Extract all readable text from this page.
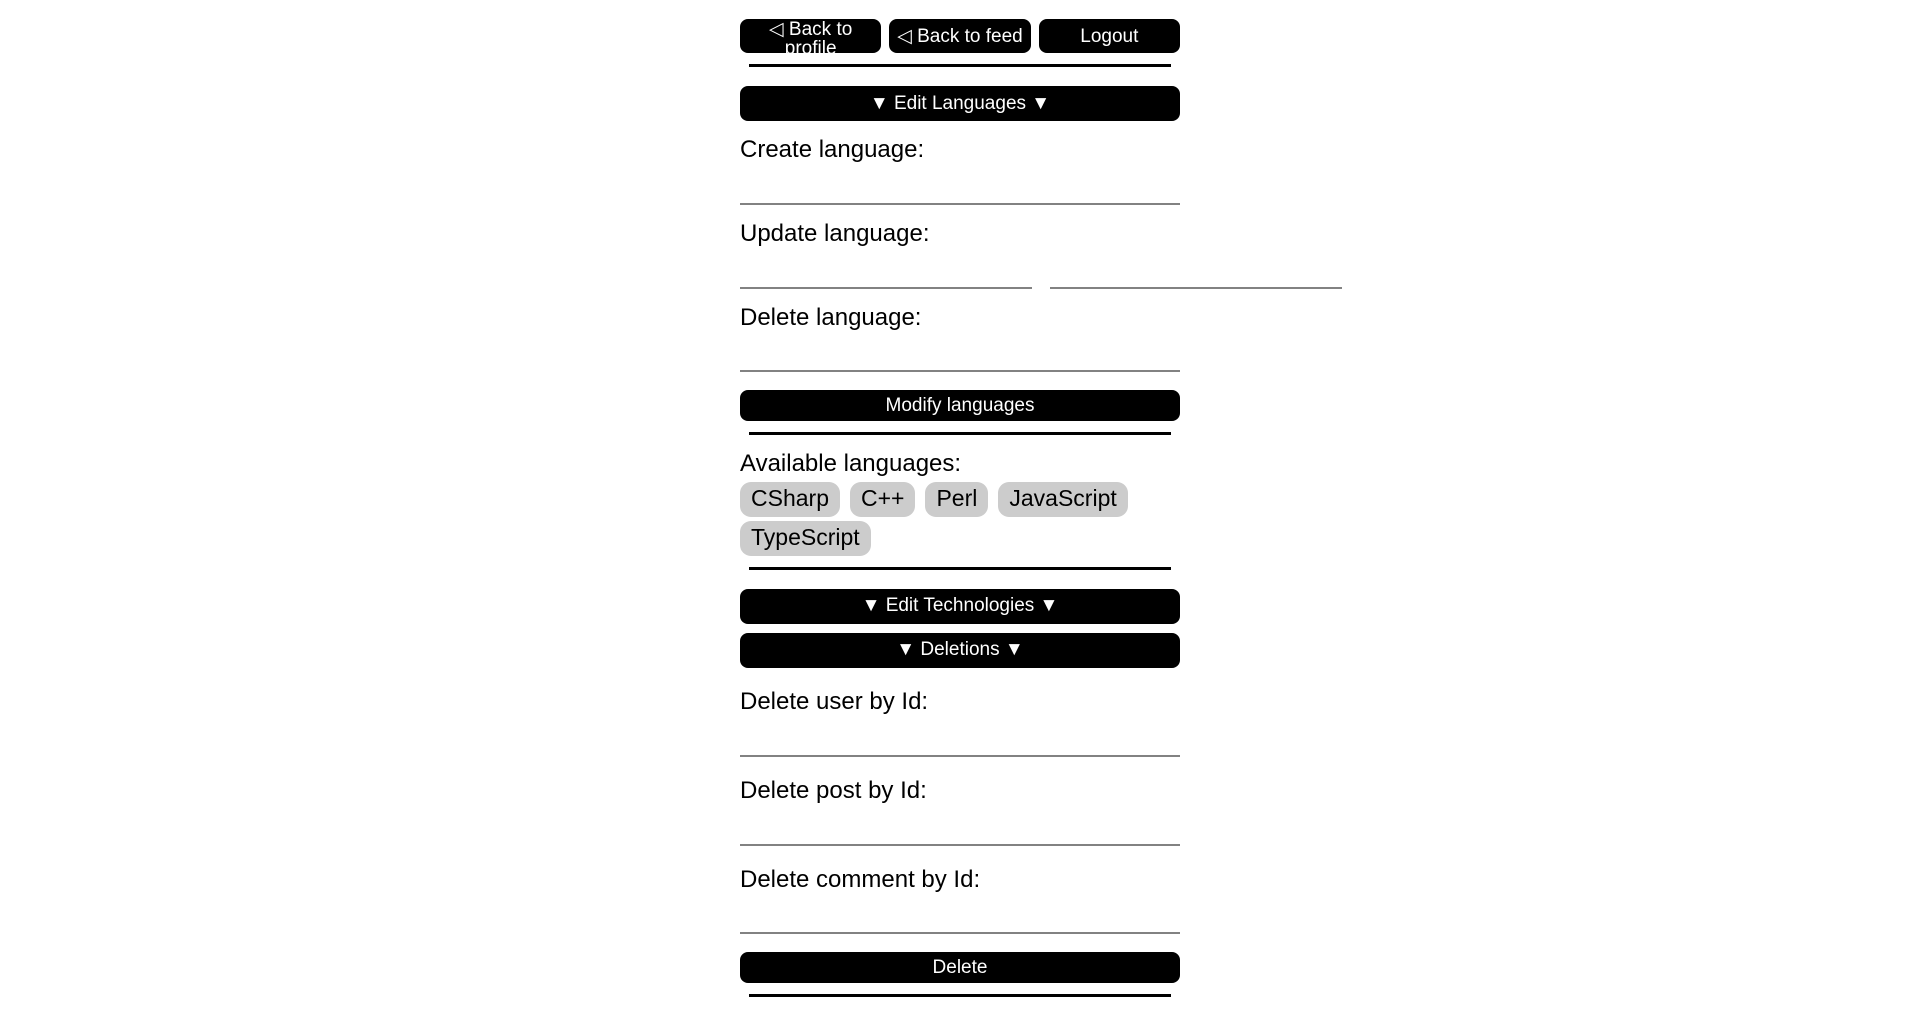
◁ Back to profile
◁ Back to feed	Logout
▼ Edit Languages ▼
Create language:
Update language:
Delete language:
Modify languages
Available languages:
CSharp	C++	Perl	JavaScript
TypeScript
▼ Edit Technologies ▼
▼ Deletions ▼
Delete user by Id:
Delete post by Id:
Delete comment by Id:
Delete
